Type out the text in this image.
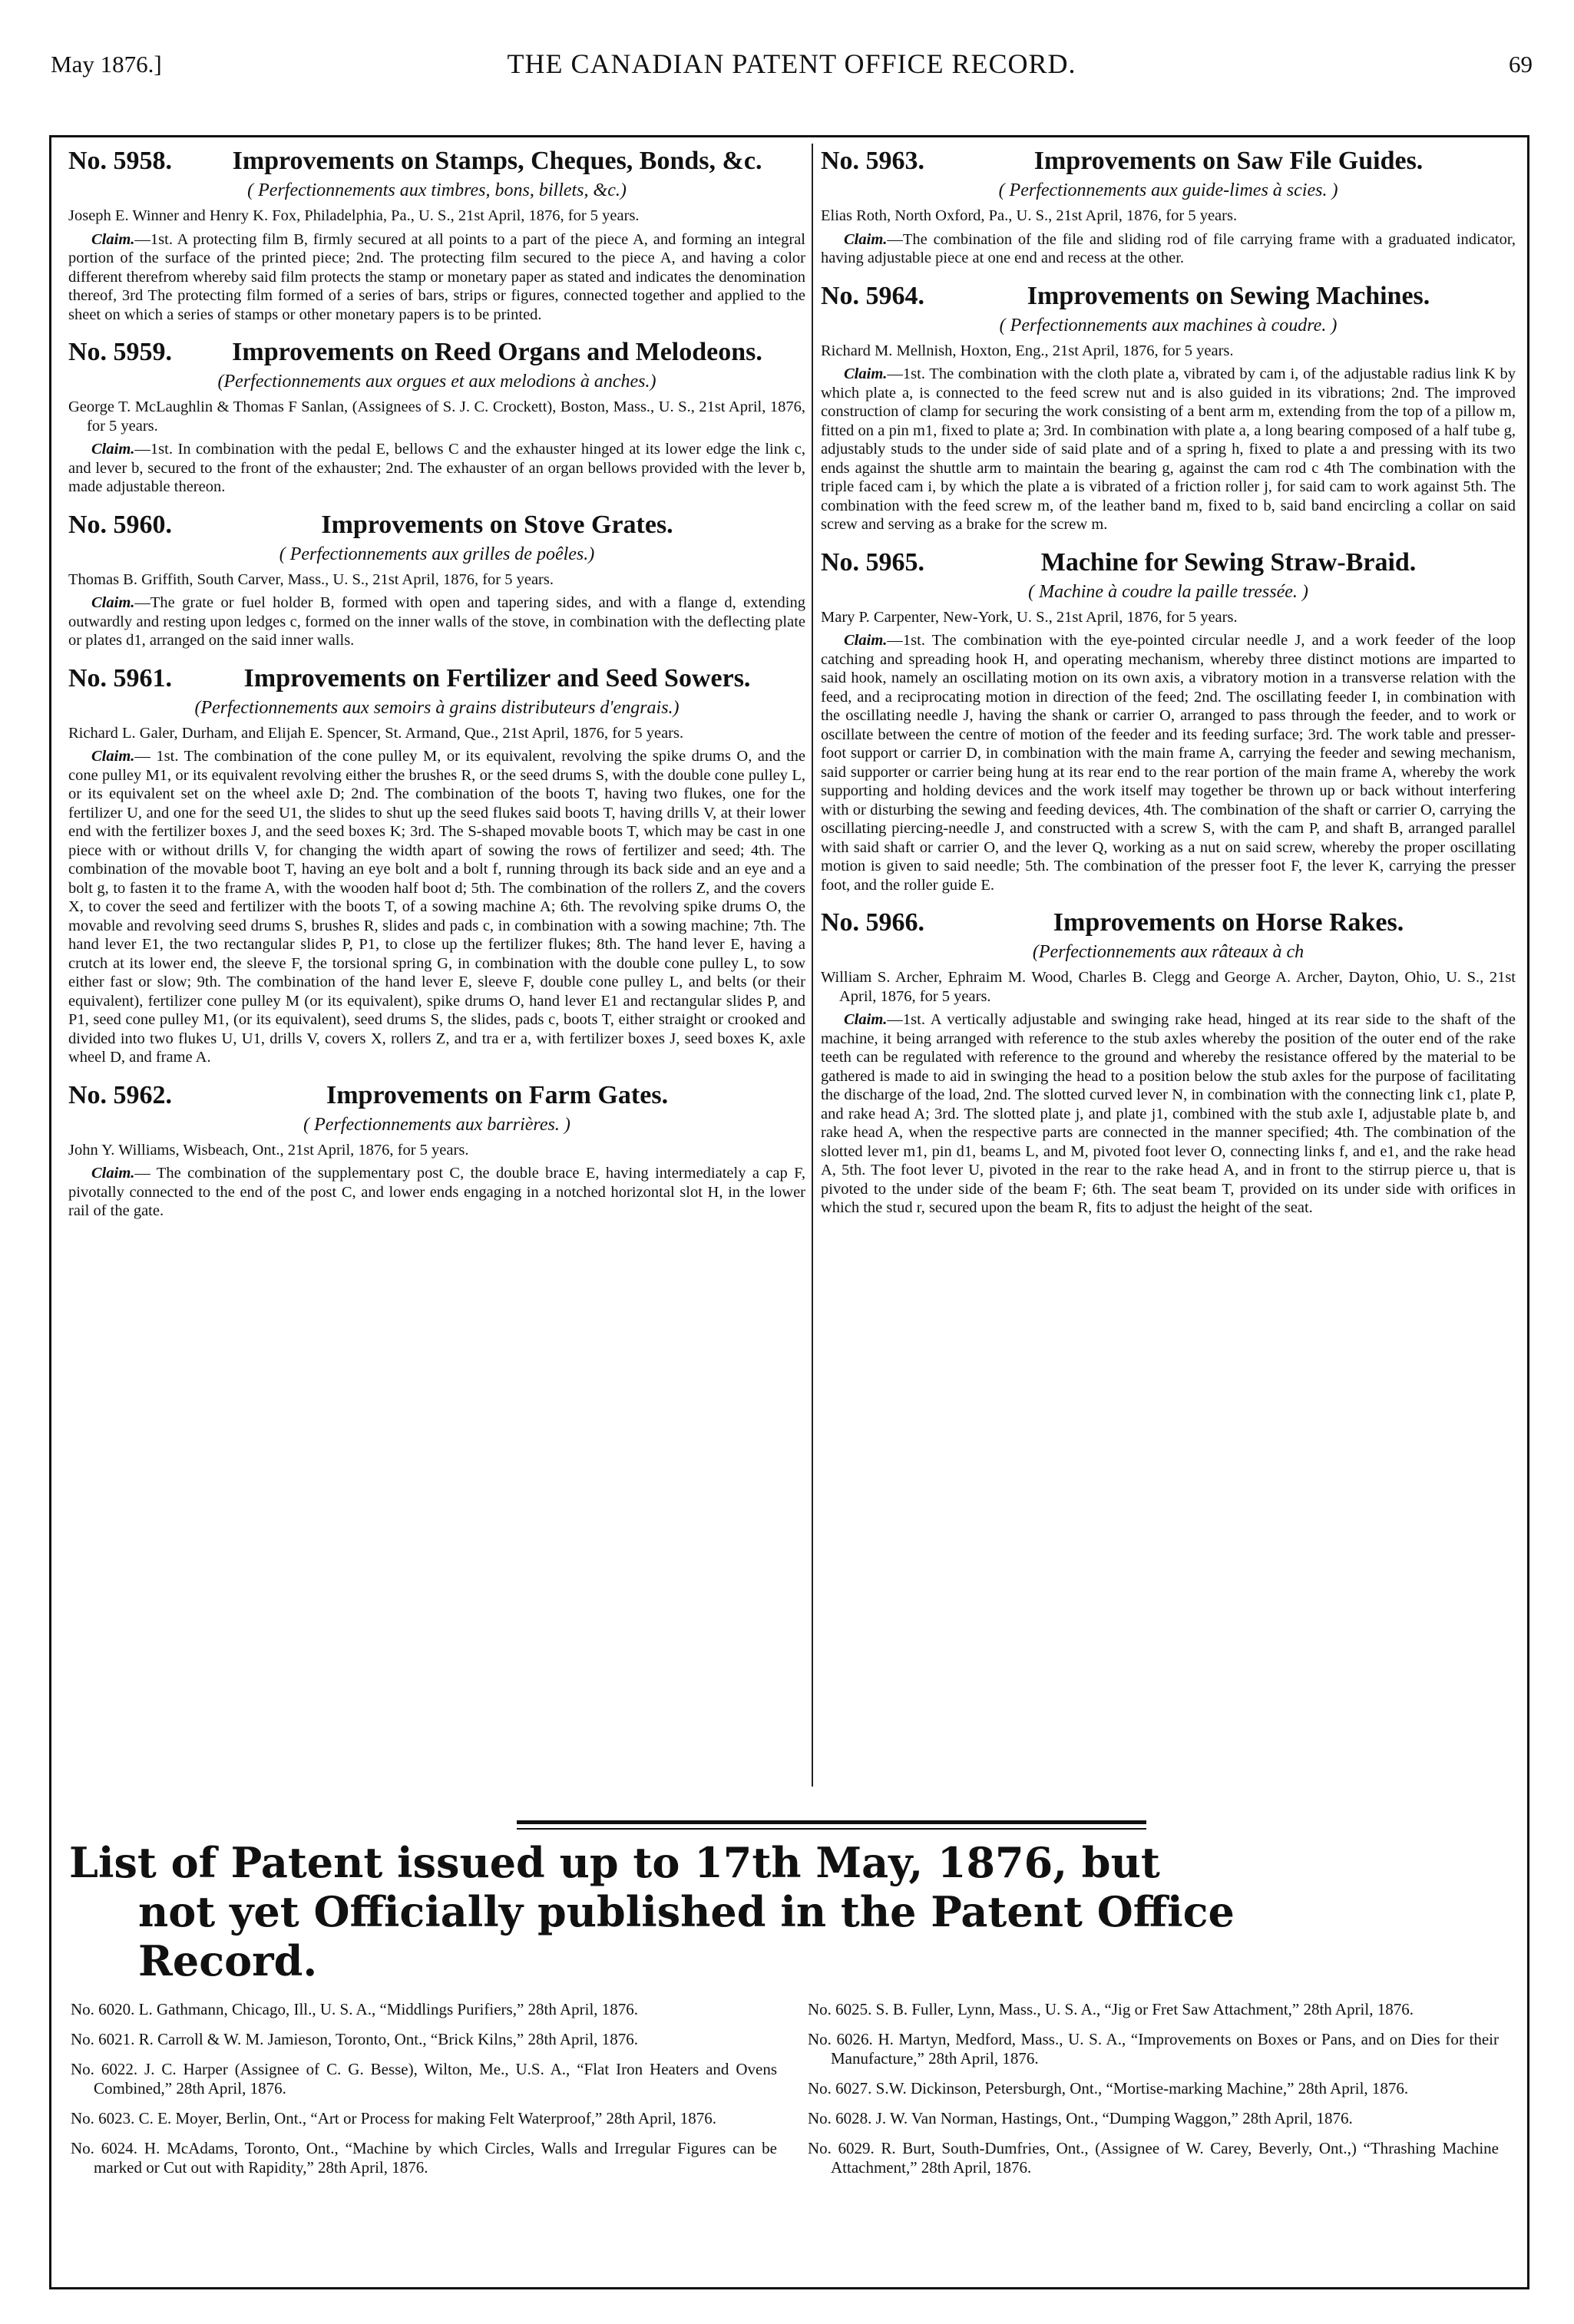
May 1876.]	THE CANADIAN PATENT OFFICE RECORD.	69
No. 5958.	Improvements on Stamps, Cheques, Bonds, &c.
( Perfectionnements aux timbres, bons, billets, &c.)

Joseph E. Winner and Henry K. Fox, Philadelphia, Pa., U. S., 21st April, 1876, for 5 years.

Claim.—1st. A protecting film B, firmly secured at all points to a part of the piece A, and forming an integral portion of the surface of the printed piece; 2nd. The protecting film secured to the piece A, and having a color different therefrom whereby said film protects the stamp or monetary paper as stated and indicates the denomination thereof, 3rd The protecting film formed of a series of bars, strips or figures, connected together and applied to the sheet on which a series of stamps or other monetary papers is to be printed.

No. 5959.	Improvements on Reed Organs and Melodeons.
(Perfectionnements aux orgues et aux melodions à anches.)

George T. McLaughlin & Thomas F Sanlan, (Assignees of S. J. C. Crockett), Boston, Mass., U. S., 21st April, 1876, for 5 years.

Claim.—1st. In combination with the pedal E, bellows C and the exhauster hinged at its lower edge the link c, and lever b, secured to the front of the exhauster; 2nd. The exhauster of an organ bellows provided with the lever b, made adjustable thereon.

No. 5960.	Improvements on Stove Grates.
( Perfectionnements aux grilles de poêles.)

Thomas B. Griffith, South Carver, Mass., U. S., 21st April, 1876, for 5 years.

Claim.—The grate or fuel holder B, formed with open and tapering sides, and with a flange d, extending outwardly and resting upon ledges c, formed on the inner walls of the stove, in combination with the deflecting plate or plates d1, arranged on the said inner walls.

No. 5961.	Improvements on Fertilizer and Seed Sowers.
(Perfectionnements aux semoirs à grains distributeurs d'engrais.)

Richard L. Galer, Durham, and Elijah E. Spencer, St. Armand, Que., 21st April, 1876, for 5 years.

Claim.— 1st. The combination of the cone pulley M, or its equivalent, revolving the spike drums O, and the cone pulley M1, or its equivalent revolving either the brushes R, or the seed drums S, with the double cone pulley L, or its equivalent set on the wheel axle D; 2nd. The combination of the boots T, having two flukes, one for the fertilizer U, and one for the seed U1, the slides to shut up the seed flukes said boots T, having drills V, at their lower end with the fertilizer boxes J, and the seed boxes K; 3rd. The S-shaped movable boots T, which may be cast in one piece with or without drills V, for changing the width apart of sowing the rows of fertilizer and seed; 4th. The combination of the movable boot T, having an eye bolt and a bolt f, running through its back side and an eye and a bolt g, to fasten it to the frame A, with the wooden half boot d; 5th. The combination of the rollers Z, and the covers X, to cover the seed and fertilizer with the boots T, of a sowing machine A; 6th. The revolving spike drums O, the movable and revolving seed drums S, brushes R, slides and pads c, in combination with a sowing machine; 7th. The hand lever E1, the two rectangular slides P, P1, to close up the fertilizer flukes; 8th. The hand lever E, having a crutch at its lower end, the sleeve F, the torsional spring G, in combination with the double cone pulley L, to sow either fast or slow; 9th. The combination of the hand lever E, sleeve F, double cone pulley L, and belts (or their equivalent), fertilizer cone pulley M (or its equivalent), spike drums O, hand lever E1 and rectangular slides P, and P1, seed cone pulley M1, (or its equivalent), seed drums S, the slides, pads c, boots T, either straight or crooked and divided into two flukes U, U1, drills V, covers X, rollers Z, and tra er a, with fertilizer boxes J, seed boxes K, axle wheel D, and frame A.

No. 5962.	Improvements on Farm Gates.
( Perfectionnements aux barrières. )

John Y. Williams, Wisbeach, Ont., 21st April, 1876, for 5 years.

Claim.— The combination of the supplementary post C, the double brace E, having intermediately a cap F, pivotally connected to the end of the post C, and lower ends engaging in a notched horizontal slot H, in the lower rail of the gate.

No. 5963.	Improvements on Saw File Guides.
( Perfectionnements aux guide-limes à scies. )

Elias Roth, North Oxford, Pa., U. S., 21st April, 1876, for 5 years.

Claim.—The combination of the file and sliding rod of file carrying frame with a graduated indicator, having adjustable piece at one end and recess at the other.

No. 5964.	Improvements on Sewing Machines.
( Perfectionnements aux machines à coudre. )

Richard M. Mellnish, Hoxton, Eng., 21st April, 1876, for 5 years.

Claim.—1st. The combination with the cloth plate a, vibrated by cam i, of the adjustable radius link K by which plate a, is connected to the feed screw nut and is also guided in its vibrations; 2nd. The improved construction of clamp for securing the work consisting of a bent arm m, extending from the top of a pillow m, fitted on a pin m1, fixed to plate a; 3rd. In combination with plate a, a long bearing composed of a half tube g, adjustably studs to the under side of said plate and of a spring h, fixed to plate a and pressing with its two ends against the shuttle arm to maintain the bearing g, against the cam rod c 4th The combination with the triple faced cam i, by which the plate a is vibrated of a friction roller j, for said cam to work against 5th. The combination with the feed screw m, of the leather band m, fixed to b, said band encircling a collar on said screw and serving as a brake for the screw m.

No. 5965.	Machine for Sewing Straw-Braid.
( Machine à coudre la paille tressée. )

Mary P. Carpenter, New-York, U. S., 21st April, 1876, for 5 years.

Claim.—1st. The combination with the eye-pointed circular needle J, and a work feeder of the loop catching and spreading hook H, and operating mechanism, whereby three distinct motions are imparted to said hook, namely an oscillating motion on its own axis, a vibratory motion in a transverse relation with the feed, and a reciprocating motion in direction of the feed; 2nd. The oscillating feeder I, in combination with the oscillating needle J, having the shank or carrier O, arranged to pass through the feeder, and to work or oscillate between the centre of motion of the feeder and its feeding surface; 3rd. The work table and presser-foot support or carrier D, in combination with the main frame A, carrying the feeder and sewing mechanism, said supporter or carrier being hung at its rear end to the rear portion of the main frame A, whereby the work supporting and holding devices and the work itself may together be thrown up or back without interfering with or disturbing the sewing and feeding devices, 4th. The combination of the shaft or carrier O, carrying the oscillating piercing-needle J, and constructed with a screw S, with the cam P, and shaft B, arranged parallel with said shaft or carrier O, and the lever Q, working as a nut on said screw, whereby the proper oscillating motion is given to said needle; 5th. The combination of the presser foot F, the lever K, carrying the presser foot, and the roller guide E.

No. 5966.	Improvements on Horse Rakes.
(Perfectionnements aux râteaux à ch

William S. Archer, Ephraim M. Wood, Charles B. Clegg and George A. Archer, Dayton, Ohio, U. S., 21st April, 1876, for 5 years.

Claim.—1st. A vertically adjustable and swinging rake head, hinged at its rear side to the shaft of the machine, it being arranged with reference to the stub axles whereby the position of the outer end of the rake teeth can be regulated with reference to the ground and whereby the resistance offered by the material to be gathered is made to aid in swinging the head to a position below the stub axles for the purpose of facilitating the discharge of the load, 2nd. The slotted curved lever N, in combination with the connecting link c1, plate P, and rake head A; 3rd. The slotted plate j, and plate j1, combined with the stub axle I, adjustable plate b, and rake head A, when the respective parts are connected in the manner specified; 4th. The combination of the slotted lever m1, pin d1, beams L, and M, pivoted foot lever O, connecting links f, and e1, and the rake head A, 5th. The foot lever U, pivoted in the rear to the rake head A, and in front to the stirrup pierce u, that is pivoted to the under side of the beam F; 6th. The seat beam T, provided on its under side with orifices in which the stud r, secured upon the beam R, fits to adjust the height of the seat.

List of Patent issued up to 17th May, 1876, but
not yet Officially published in the Patent Office
Record.
No. 6020. L. Gathmann, Chicago, Ill., U. S. A., “Middlings Purifiers,” 28th April, 1876.
No. 6021. R. Carroll & W. M. Jamieson, Toronto, Ont., “Brick Kilns,” 28th April, 1876.
No. 6022. J. C. Harper (Assignee of C. G. Besse), Wilton, Me., U.S. A., “Flat Iron Heaters and Ovens Combined,” 28th April, 1876.
No. 6023. C. E. Moyer, Berlin, Ont., “Art or Process for making Felt Waterproof,” 28th April, 1876.
No. 6024. H. McAdams, Toronto, Ont., “Machine by which Circles, Walls and Irregular Figures can be marked or Cut out with Rapidity,” 28th April, 1876.
No. 6025. S. B. Fuller, Lynn, Mass., U. S. A., “Jig or Fret Saw Attachment,” 28th April, 1876.
No. 6026. H. Martyn, Medford, Mass., U. S. A., “Improvements on Boxes or Pans, and on Dies for their Manufacture,” 28th April, 1876.
No. 6027. S.W. Dickinson, Petersburgh, Ont., “Mortise-marking Machine,” 28th April, 1876.
No. 6028. J. W. Van Norman, Hastings, Ont., “Dumping Waggon,” 28th April, 1876.
No. 6029. R. Burt, South-Dumfries, Ont., (Assignee of W. Carey, Beverly, Ont.,) “Thrashing Machine Attachment,” 28th April, 1876.
